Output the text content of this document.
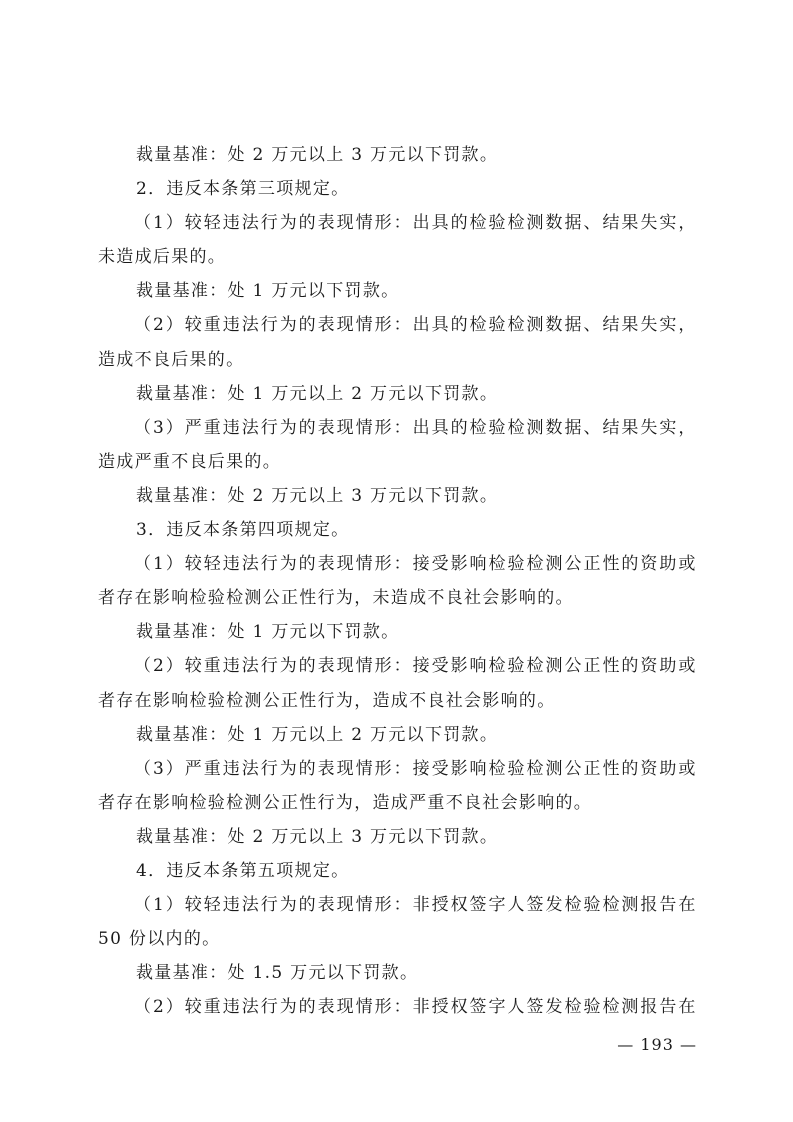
裁量基准：处 2 万元以上 3 万元以下罚款。
2．违反本条第三项规定。
（1）较轻违法行为的表现情形：出具的检验检测数据、结果失实，
未造成后果的。
裁量基准：处 1 万元以下罚款。
（2）较重违法行为的表现情形：出具的检验检测数据、结果失实，
造成不良后果的。
裁量基准：处 1 万元以上 2 万元以下罚款。
（3）严重违法行为的表现情形：出具的检验检测数据、结果失实，
造成严重不良后果的。
裁量基准：处 2 万元以上 3 万元以下罚款。
3．违反本条第四项规定。
（1）较轻违法行为的表现情形：接受影响检验检测公正性的资助或
者存在影响检验检测公正性行为，未造成不良社会影响的。
裁量基准：处 1 万元以下罚款。
（2）较重违法行为的表现情形：接受影响检验检测公正性的资助或
者存在影响检验检测公正性行为，造成不良社会影响的。
裁量基准：处 1 万元以上 2 万元以下罚款。
（3）严重违法行为的表现情形：接受影响检验检测公正性的资助或
者存在影响检验检测公正性行为，造成严重不良社会影响的。
裁量基准：处 2 万元以上 3 万元以下罚款。
4．违反本条第五项规定。
（1）较轻违法行为的表现情形：非授权签字人签发检验检测报告在
50 份以内的。
裁量基准：处 1.5 万元以下罚款。
（2）较重违法行为的表现情形：非授权签字人签发检验检测报告在
— 193 —
